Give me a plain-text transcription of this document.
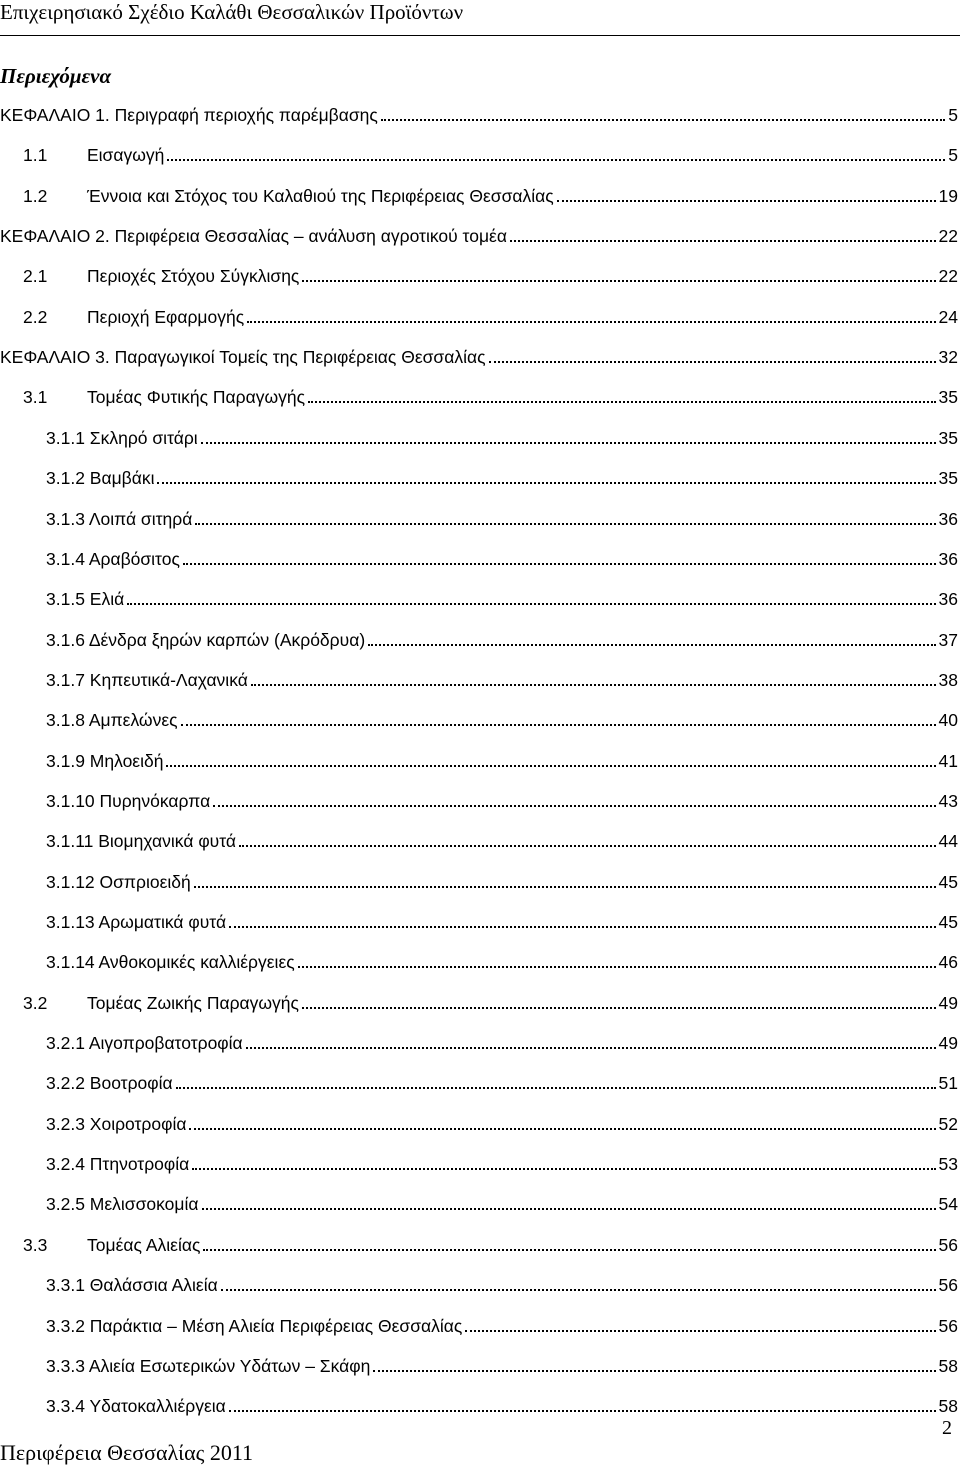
Επιχειρησιακό Σχέδιο Καλάθι Θεσσαλικών Προϊόντων
Περιεχόμενα
ΚΕΦΑΛΑΙΟ 1. Περιγραφή περιοχής παρέμβασης	5
1.1	Εισαγωγή	5
1.2	Έννοια και Στόχος του Καλαθιού της Περιφέρειας Θεσσαλίας	19
ΚΕΦΑΛΑΙΟ 2. Περιφέρεια Θεσσαλίας – ανάλυση αγροτικού τομέα	22
2.1	Περιοχές Στόχου Σύγκλισης	22
2.2	Περιοχή Εφαρμογής	24
ΚΕΦΑΛΑΙΟ 3. Παραγωγικοί Τομείς της Περιφέρειας Θεσσαλίας	32
3.1	Τομέας Φυτικής Παραγωγής	35
3.1.1 Σκληρό σιτάρι	35
3.1.2 Βαμβάκι	35
3.1.3 Λοιπά σιτηρά	36
3.1.4 Αραβόσιτος	36
3.1.5 Ελιά	36
3.1.6 Δένδρα ξηρών καρπών (Ακρόδρυα)	37
3.1.7 Κηπευτικά-Λαχανικά	38
3.1.8 Αμπελώνες	40
3.1.9 Μηλοειδή	41
3.1.10 Πυρηνόκαρπα	43
3.1.11 Βιομηχανικά φυτά	44
3.1.12 Οσπριοειδή	45
3.1.13 Αρωματικά φυτά	45
3.1.14 Ανθοκομικές καλλιέργειες	46
3.2	Τομέας Ζωικής Παραγωγής	49
3.2.1 Αιγοπροβατοτροφία	49
3.2.2 Βοοτροφία	51
3.2.3 Χοιροτροφία	52
3.2.4 Πτηνοτροφία	53
3.2.5 Μελισσοκομία	54
3.3	Τομέας Αλιείας	56
3.3.1 Θαλάσσια Αλιεία	56
3.3.2 Παράκτια – Μέση Αλιεία Περιφέρειας Θεσσαλίας	56
3.3.3 Αλιεία Εσωτερικών Υδάτων – Σκάφη	58
3.3.4 Υδατοκαλλιέργεια	58
2
Περιφέρεια Θεσσαλίας 2011
